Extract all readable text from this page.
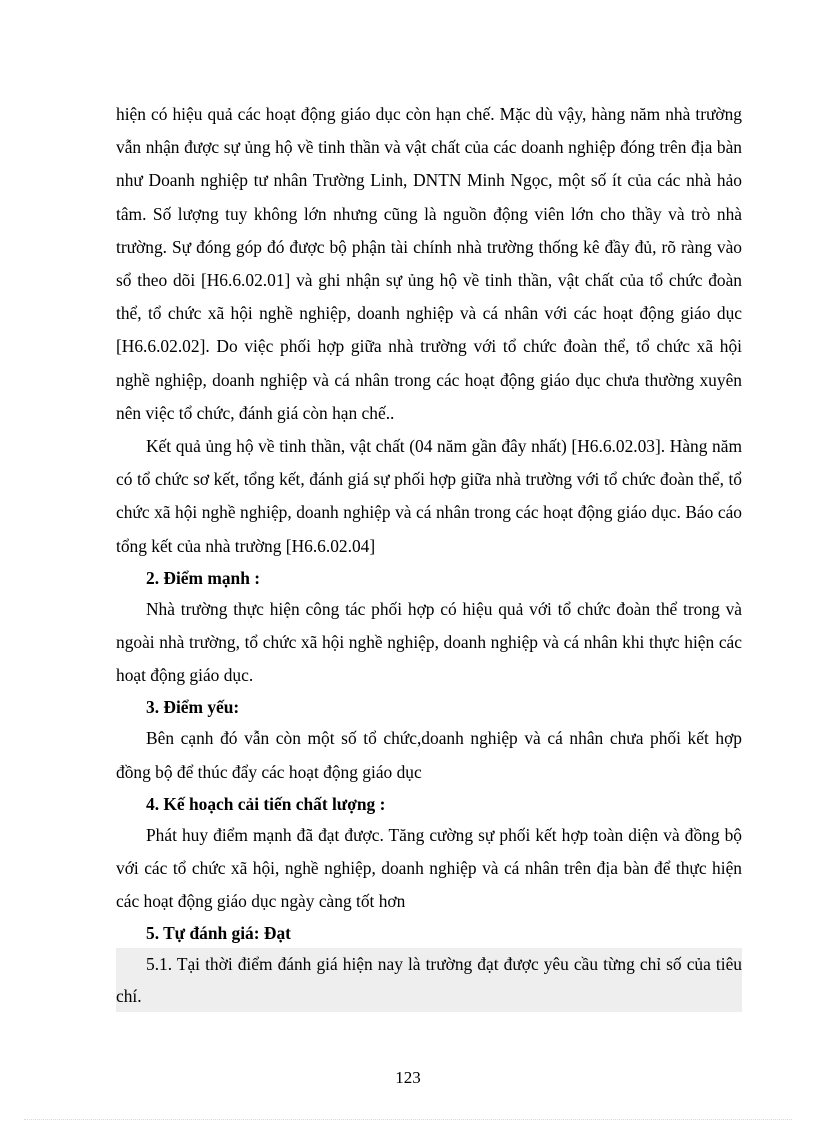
hiện có hiệu quả các hoạt động giáo dục còn hạn chế. Mặc dù vậy, hàng năm nhà trường vẫn nhận được sự ủng hộ về tinh thần và vật chất của các doanh nghiệp đóng trên địa bàn như Doanh nghiệp tư nhân Trường Linh, DNTN Minh Ngọc, một số ít của các nhà hảo tâm. Số lượng tuy không lớn nhưng cũng là nguồn động viên lớn cho thầy và trò nhà trường. Sự đóng góp đó được bộ phận tài chính nhà trường thống kê đầy đủ, rõ ràng vào sổ theo dõi [H6.6.02.01] và ghi nhận sự ủng hộ về tinh thần, vật chất của tổ chức đoàn thể, tổ chức xã hội nghề nghiệp, doanh nghiệp và cá nhân với các hoạt động giáo dục [H6.6.02.02]. Do việc phối hợp giữa nhà trường với tổ chức đoàn thể, tổ chức xã hội nghề nghiệp, doanh nghiệp và cá nhân trong các hoạt động giáo dục chưa thường xuyên nên việc tổ chức, đánh giá còn hạn chế..

Kết quả ủng hộ về tinh thần, vật chất (04 năm gần đây nhất) [H6.6.02.03]. Hàng năm có tổ chức sơ kết, tổng kết, đánh giá sự phối hợp giữa nhà trường với tổ chức đoàn thể, tổ chức xã hội nghề nghiệp, doanh nghiệp và cá nhân trong các hoạt động giáo dục. Báo cáo tổng kết của nhà trường [H6.6.02.04]

2. Điểm mạnh :

Nhà trường thực hiện công tác phối hợp có hiệu quả với tổ chức đoàn thể trong và ngoài nhà trường, tổ chức xã hội nghề nghiệp, doanh nghiệp và cá nhân khi thực hiện các hoạt động giáo dục.

3. Điểm yếu:

Bên cạnh đó vẫn còn một số tổ chức,doanh nghiệp và cá nhân chưa phối kết hợp đồng bộ để thúc đẩy các hoạt động giáo dục

4. Kế hoạch cải tiến chất lượng :

Phát huy điểm mạnh đã đạt được. Tăng cường sự phối kết hợp toàn diện và đồng bộ với các tổ chức xã hội, nghề nghiệp, doanh nghiệp và cá nhân trên địa bàn để thực hiện các hoạt động giáo dục ngày càng tốt hơn

5. Tự đánh giá: Đạt

5.1. Tại thời điểm đánh giá hiện nay là trường đạt được yêu cầu từng chỉ số của tiêu chí.

123
